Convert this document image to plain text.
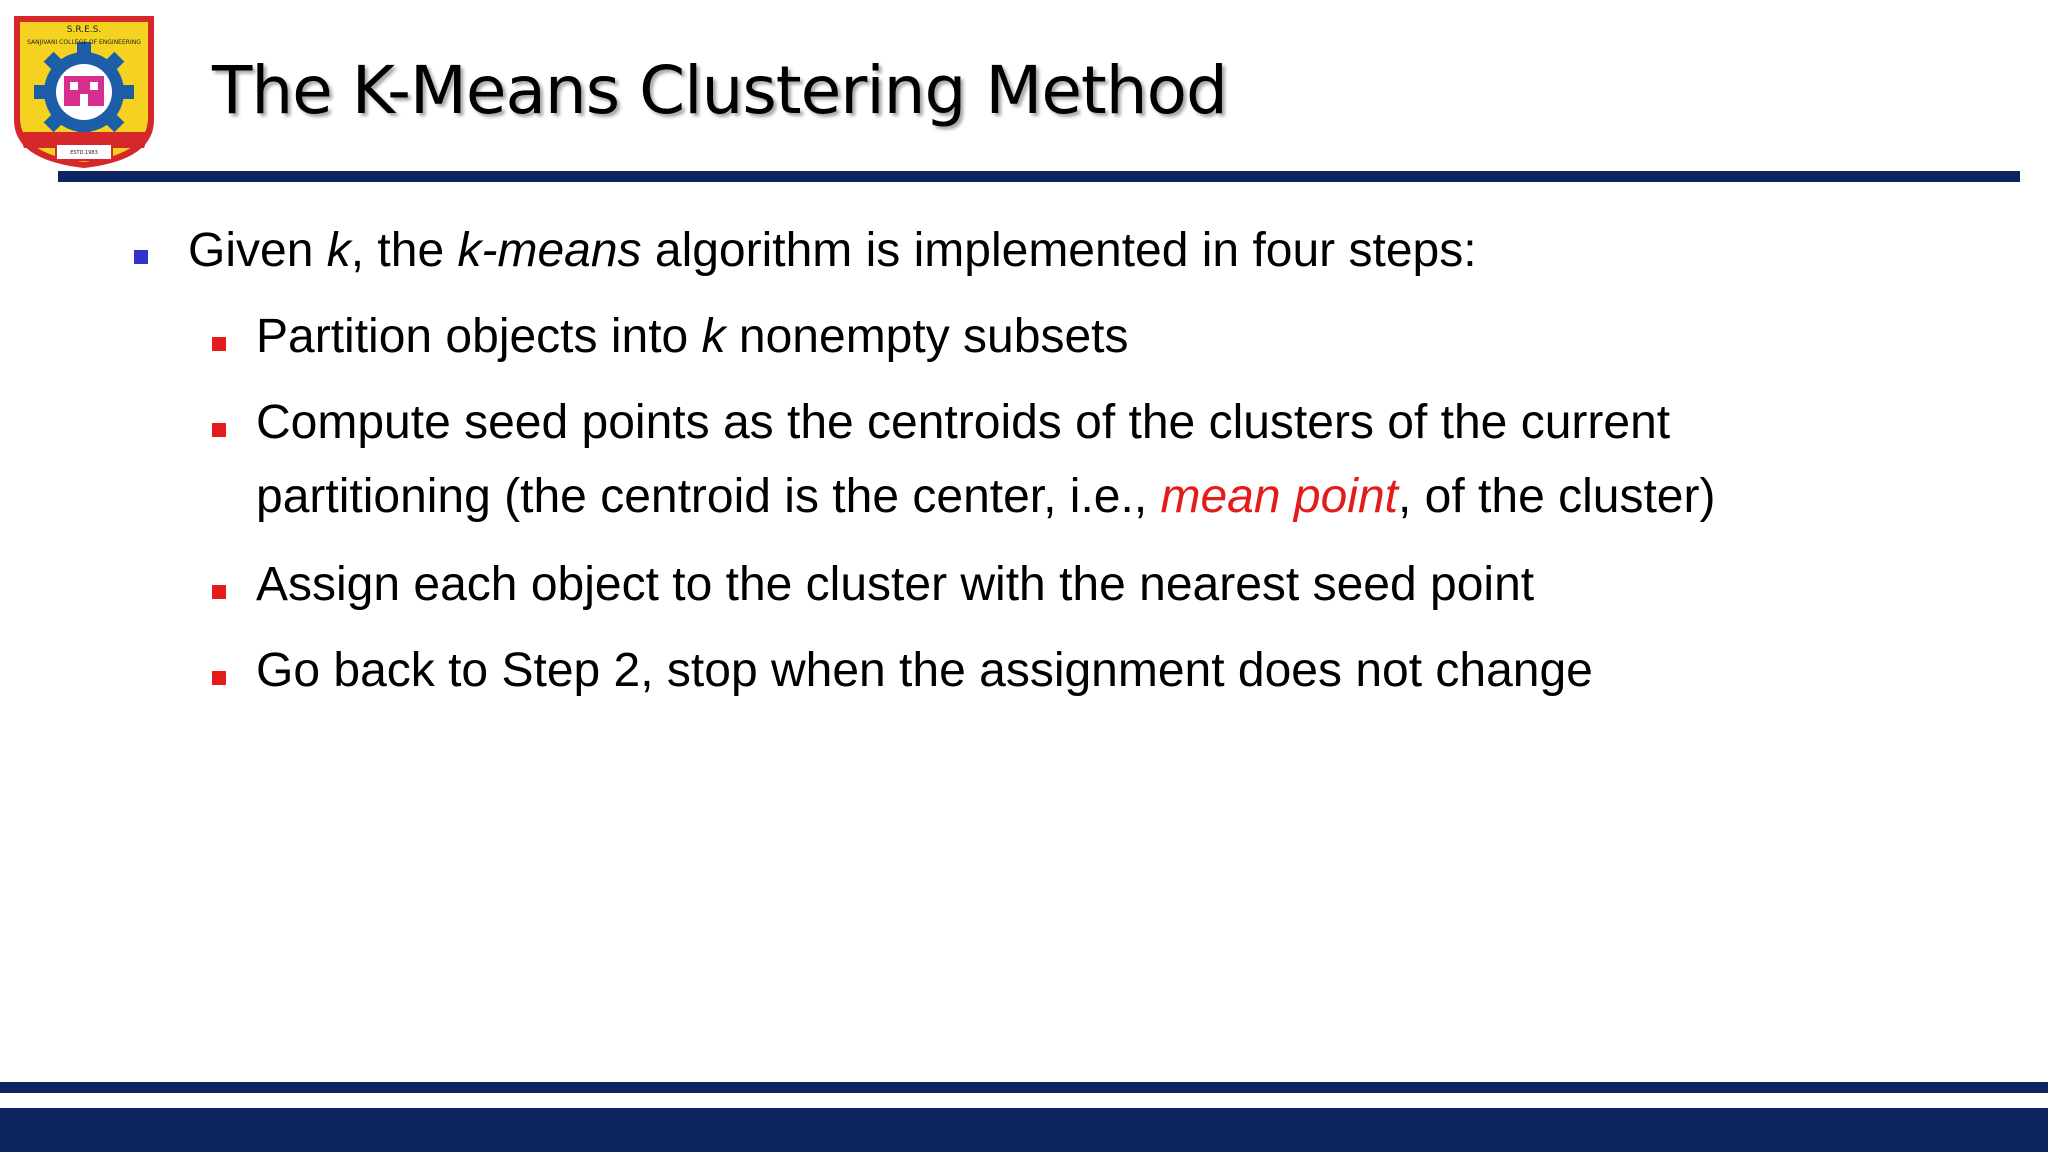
S.R.E.S.
SANJIVANI COLLEGE OF ENGINEERING
ESTD.1983
The K-Means Clustering Method
Given k, the k-means algorithm is implemented in four steps:
Partition objects into k nonempty subsets
Compute seed points as the centroids of the clusters of the current
partitioning (the centroid is the center, i.e., mean point, of the cluster)
Assign each object to the cluster with the nearest seed point
Go back to Step 2, stop when the assignment does not change
